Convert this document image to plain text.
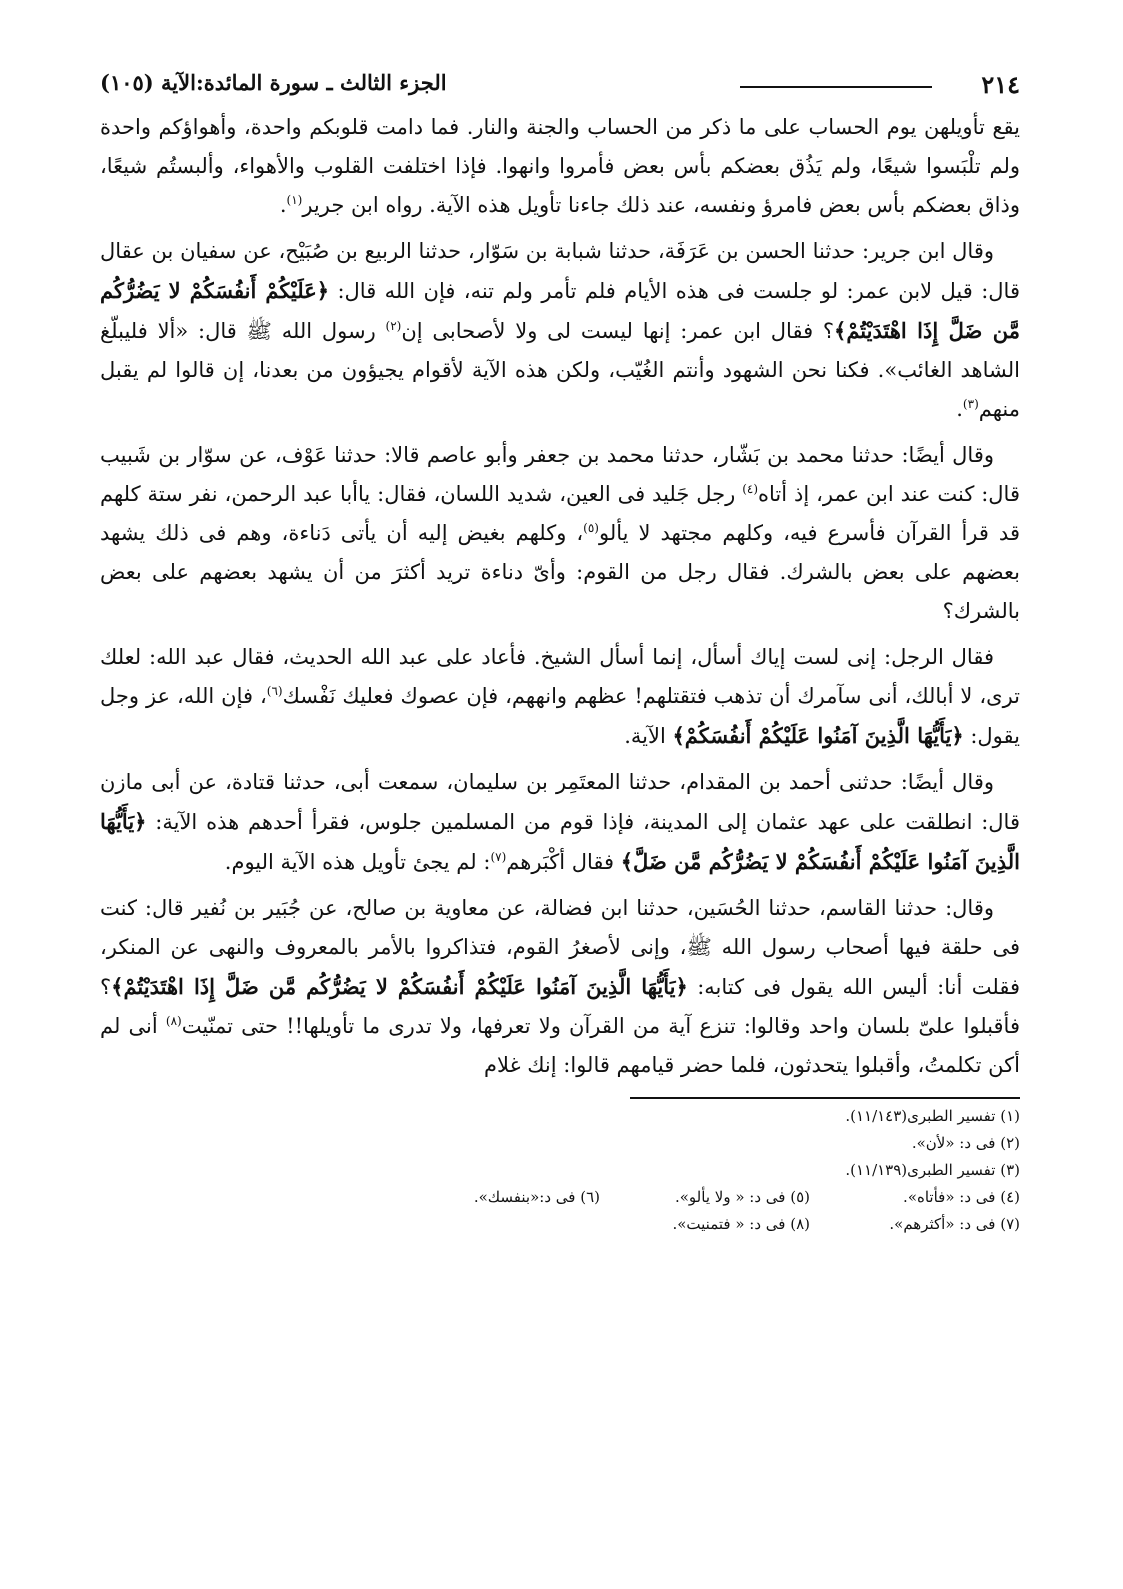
٢١٤
الجزء الثالث ـ سورة المائدة:الآية (١٠٥)

يقع تأويلهن يوم الحساب على ما ذكر من الحساب والجنة والنار. فما دامت قلوبكم واحدة، وأهواؤكم واحدة ولم تلْبَسوا شيعًا، ولم يَذُق بعضكم بأس بعض فأمروا وانهوا. فإذا اختلفت القلوب والأهواء، وألبستُم شيعًا، وذاق بعضكم بأس بعض فامرؤ ونفسه، عند ذلك جاءنا تأويل هذه الآية. رواه ابن جرير$^{(١)}$.

وقال ابن جرير: حدثنا الحسن بن عَرَفَة، حدثنا شبابة بن سَوّار، حدثنا الربيع بن صُبَيْح، عن سفيان بن عقال قال: قيل لابن عمر: لو جلست فى هذه الأيام فلم تأمر ولم تنه، فإن الله قال: ﴿عَلَيْكُمْ أَنفُسَكُمْ لا يَضُرُّكُم مَّن ضَلَّ إِذَا اهْتَدَيْتُمْ﴾؟ فقال ابن عمر: إنها ليست لى ولا لأصحابى إن$^{(٢)}$ رسول الله ﷺ قال: «ألا فليبلّغ الشاهد الغائب». فكنا نحن الشهود وأنتم الغُيّب، ولكن هذه الآية لأقوام يجيؤون من بعدنا، إن قالوا لم يقبل منهم$^{(٣)}$.

وقال أيضًا: حدثنا محمد بن بَشّار، حدثنا محمد بن جعفر وأبو عاصم قالا: حدثنا عَوْف، عن سوّار بن شَبيب قال: كنت عند ابن عمر، إذ أتاه$^{(٤)}$ رجل جَليد فى العين، شديد اللسان، فقال: ياأبا عبد الرحمن، نفر ستة كلهم قد قرأ القرآن فأسرع فيه، وكلهم مجتهد لا يألو$^{(٥)}$، وكلهم بغيض إليه أن يأتى دَناءة، وهم فى ذلك يشهد بعضهم على بعض بالشرك. فقال رجل من القوم: وأىّ دناءة تريد أكثرَ من أن يشهد بعضهم على بعض بالشرك؟

فقال الرجل: إنى لست إياك أسأل، إنما أسأل الشيخ. فأعاد على عبد الله الحديث، فقال عبد الله: لعلك ترى، لا أبالك، أنى سآمرك أن تذهب فتقتلهم! عظهم وانههم، فإن عصوك فعليك نَفْسك$^{(٦)}$، فإن الله، عز وجل يقول: ﴿يَأَيُّهَا الَّذِينَ آمَنُوا عَلَيْكُمْ أَنفُسَكُمْ﴾ الآية.

وقال أيضًا: حدثنى أحمد بن المقدام، حدثنا المعتَمِر بن سليمان، سمعت أبى، حدثنا قتادة، عن أبى مازن قال: انطلقت على عهد عثمان إلى المدينة، فإذا قوم من المسلمين جلوس، فقرأ أحدهم هذه الآية: ﴿يَأَيُّهَا الَّذِينَ آمَنُوا عَلَيْكُمْ أَنفُسَكُمْ لا يَضُرُّكُم مَّن ضَلَّ﴾ فقال أكْبَرهم$^{(٧)}$: لم يجئ تأويل هذه الآية اليوم.

وقال: حدثنا القاسم، حدثنا الحُسَين، حدثنا ابن فضالة، عن معاوية بن صالح، عن جُبَير بن نُفير قال: كنت فى حلقة فيها أصحاب رسول الله ﷺ، وإنى لأصغرُ القوم، فتذاكروا بالأمر بالمعروف والنهى عن المنكر، فقلت أنا: أليس الله يقول فى كتابه: ﴿يَأَيُّهَا الَّذِينَ آمَنُوا عَلَيْكُمْ أَنفُسَكُمْ لا يَضُرُّكُم مَّن ضَلَّ إِذَا اهْتَدَيْتُمْ﴾؟ فأقبلوا علىّ بلسان واحد وقالوا: تنزع آية من القرآن ولا تعرفها، ولا تدرى ما تأويلها!! حتى تمنّيت$^{(٨)}$ أنى لم أكن تكلمتُ، وأقبلوا يتحدثون، فلما حضر قيامهم قالوا: إنك غلام

(١) تفسير الطبرى(١١/١٤٣).
(٢) فى د: «لأن».
(٣) تفسير الطبرى(١١/١٣٩).
(٤) فى د: «فأتاه».
(٥) فى د: « ولا يألو».
(٦) فى د:«بنفسك».
(٧) فى د: «أكثرهم».
(٨) فى د: « فتمنيت».
